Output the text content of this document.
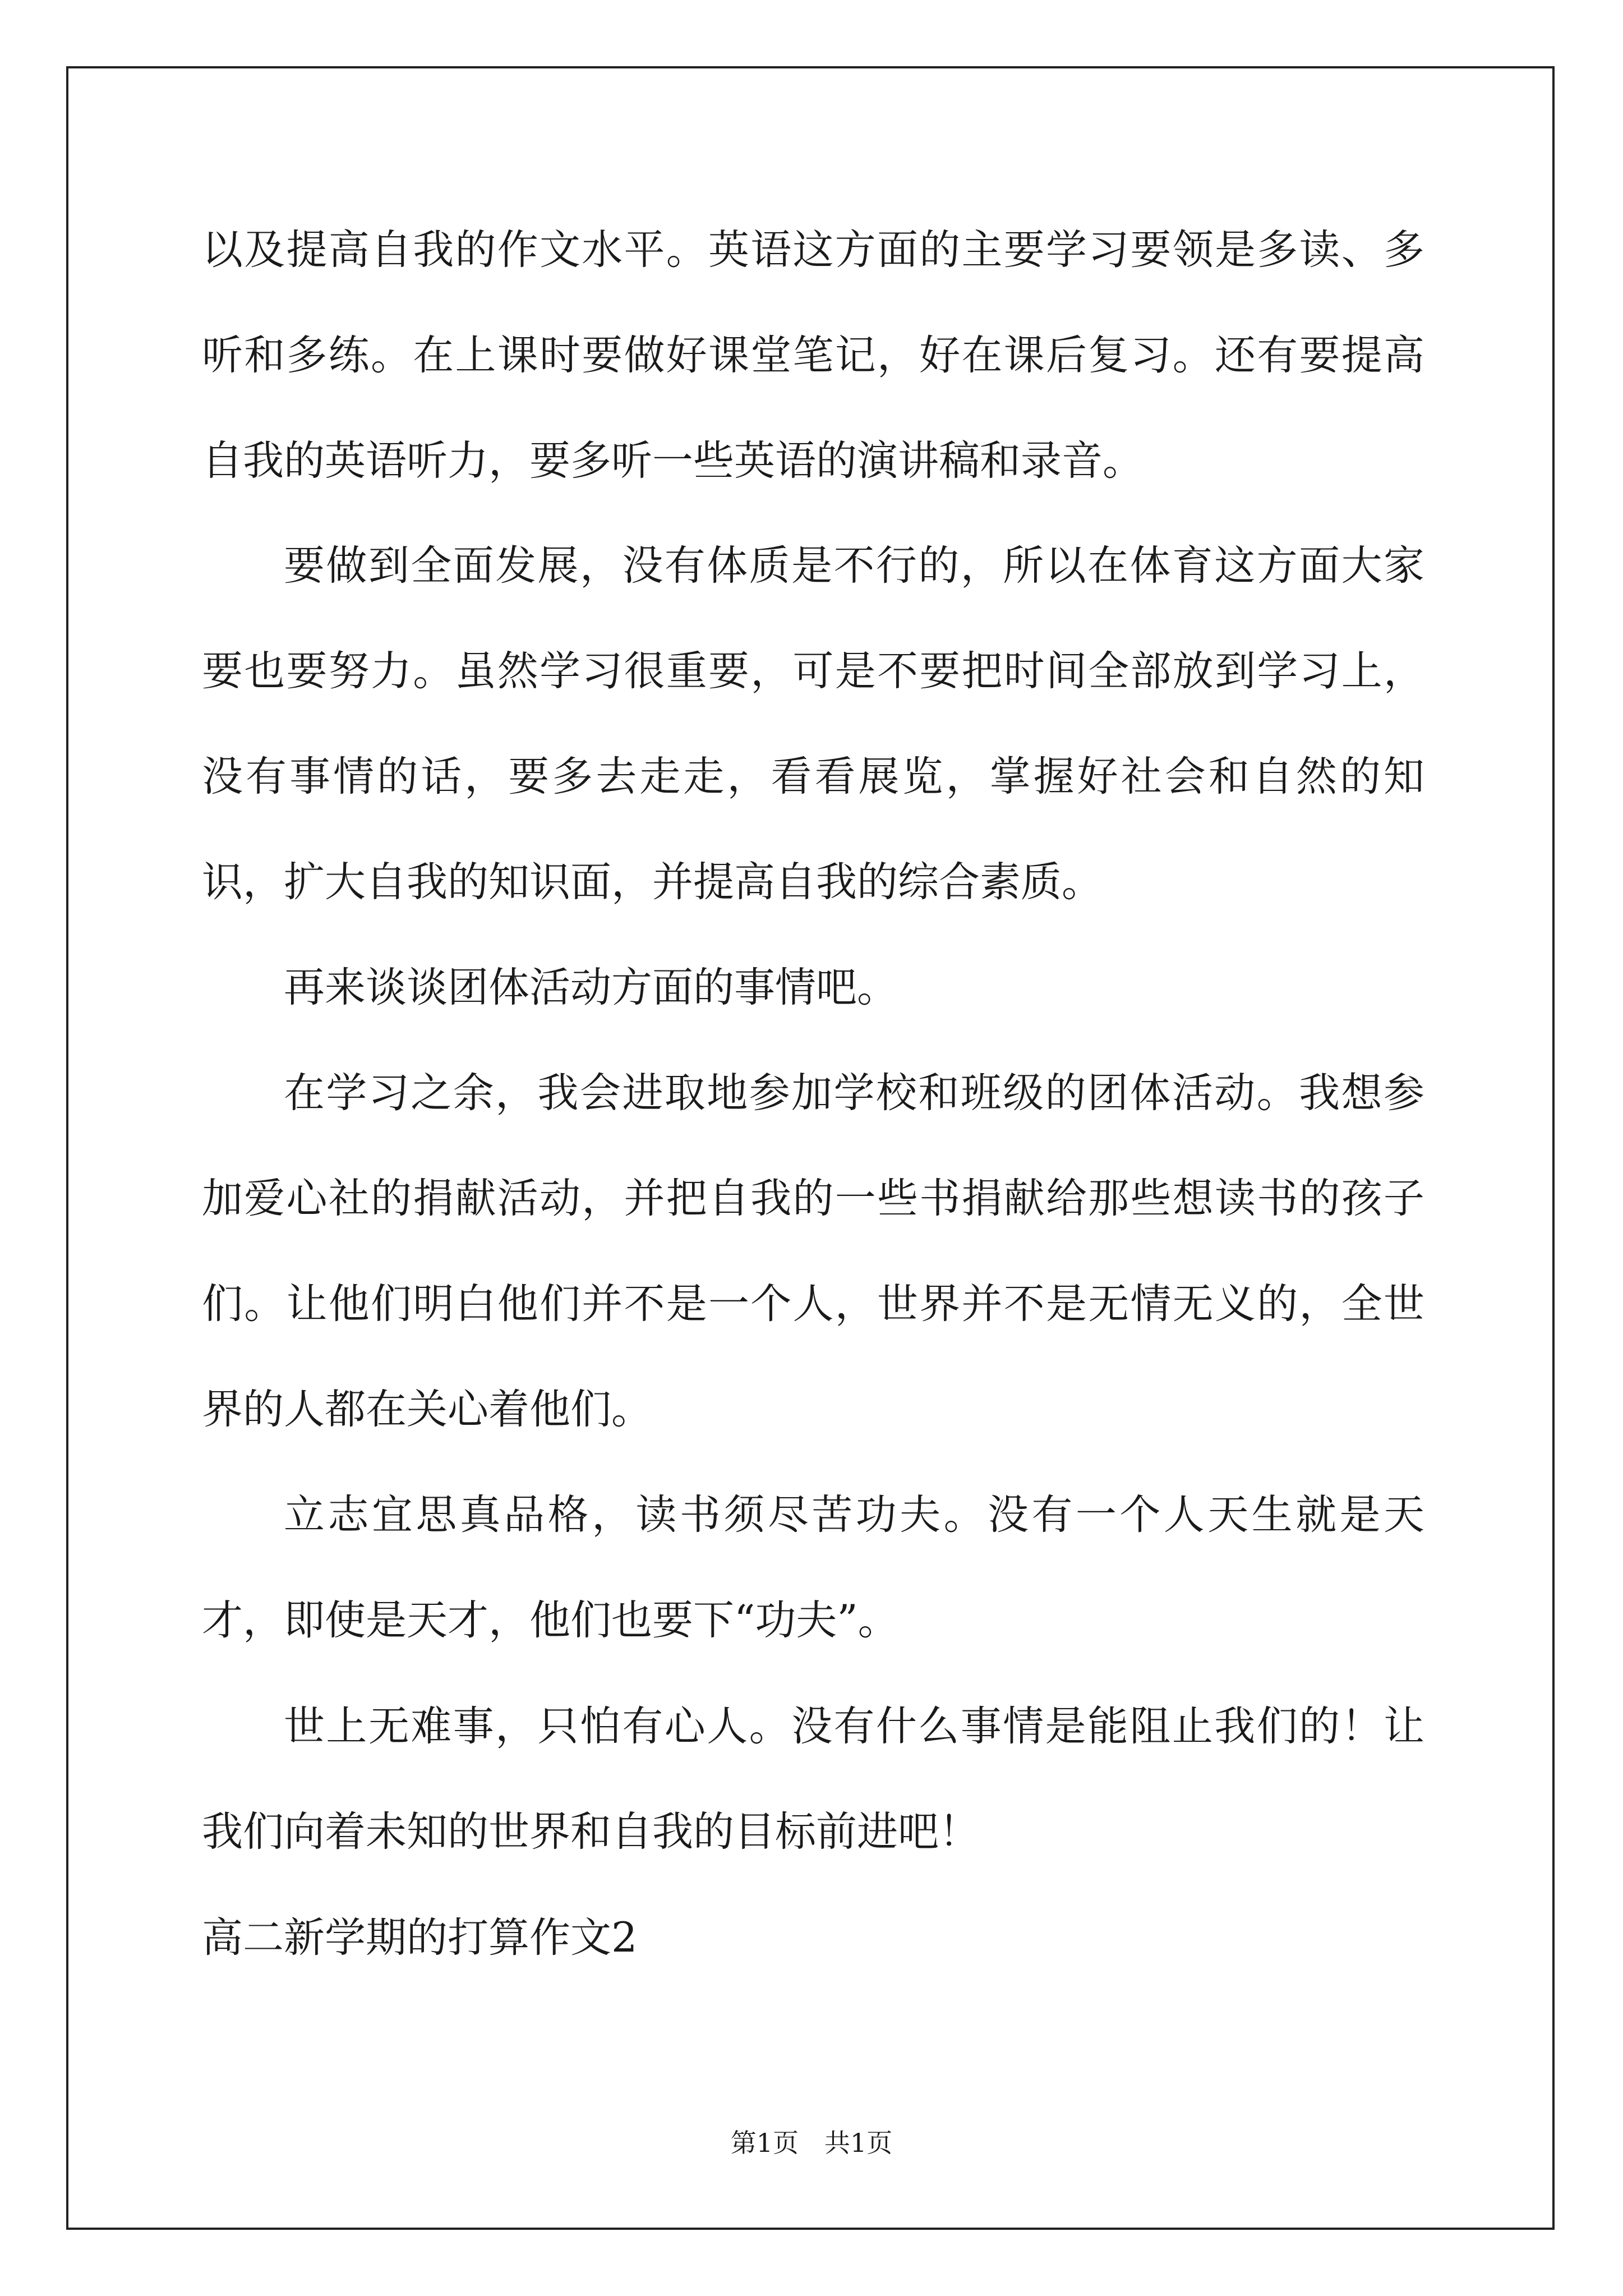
以及提高自我的作文水平。英语这方面的主要学习要领是多读、多听和多练。在上课时要做好课堂笔记，好在课后复习。还有要提高自我的英语听力，要多听一些英语的演讲稿和录音。

要做到全面发展，没有体质是不行的，所以在体育这方面大家要也要努力。虽然学习很重要，可是不要把时间全部放到学习上，没有事情的话，要多去走走，看看展览，掌握好社会和自然的知识，扩大自我的知识面，并提高自我的综合素质。

再来谈谈团体活动方面的事情吧。

在学习之余，我会进取地参加学校和班级的团体活动。我想参加爱心社的捐献活动，并把自我的一些书捐献给那些想读书的孩子们。让他们明白他们并不是一个人，世界并不是无情无义的，全世界的人都在关心着他们。

立志宜思真品格，读书须尽苦功夫。没有一个人天生就是天才，即使是天才，他们也要下“功夫”。

世上无难事，只怕有心人。没有什么事情是能阻止我们的！让我们向着未知的世界和自我的目标前进吧！

高二新学期的打算作文2

第1页　共1页
